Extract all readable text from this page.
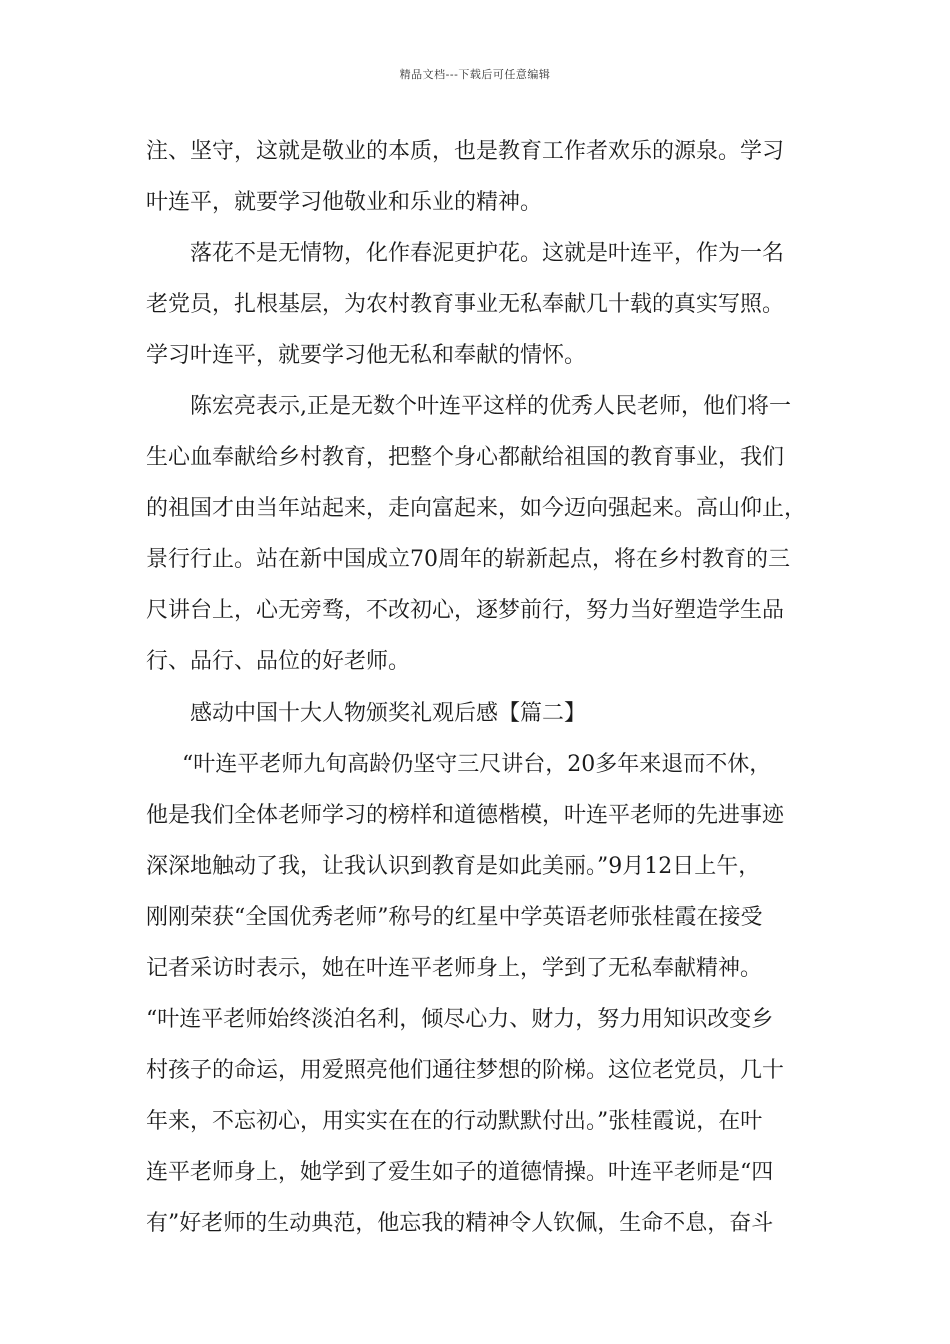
精品文档---下载后可任意编辑
注、坚守，这就是敬业的本质，也是教育工作者欢乐的源泉。学习
叶连平，就要学习他敬业和乐业的精神。
落花不是无情物，化作春泥更护花。这就是叶连平，作为一名
老党员，扎根基层，为农村教育事业无私奉献几十载的真实写照。
学习叶连平，就要学习他无私和奉献的情怀。
陈宏亮表示,正是无数个叶连平这样的优秀人民老师，他们将一
生心血奉献给乡村教育，把整个身心都献给祖国的教育事业，我们
的祖国才由当年站起来，走向富起来，如今迈向强起来。高山仰止，
景行行止。站在新中国成立70周年的崭新起点，将在乡村教育的三
尺讲台上，心无旁骛，不改初心，逐梦前行，努力当好塑造学生品
行、品行、品位的好老师。
感动中国十大人物颁奖礼观后感【篇二】
“叶连平老师九旬高龄仍坚守三尺讲台，20多年来退而不休，
他是我们全体老师学习的榜样和道德楷模，叶连平老师的先进事迹
深深地触动了我，让我认识到教育是如此美丽。”9月12日上午，
刚刚荣获“全国优秀老师”称号的红星中学英语老师张桂霞在接受
记者采访时表示，她在叶连平老师身上，学到了无私奉献精神。
“叶连平老师始终淡泊名利，倾尽心力、财力，努力用知识改变乡
村孩子的命运，用爱照亮他们通往梦想的阶梯。这位老党员，几十
年来，不忘初心，用实实在在的行动默默付出。”张桂霞说，在叶
连平老师身上，她学到了爱生如子的道德情操。叶连平老师是“四
有”好老师的生动典范，他忘我的精神令人钦佩，生命不息，奋斗
